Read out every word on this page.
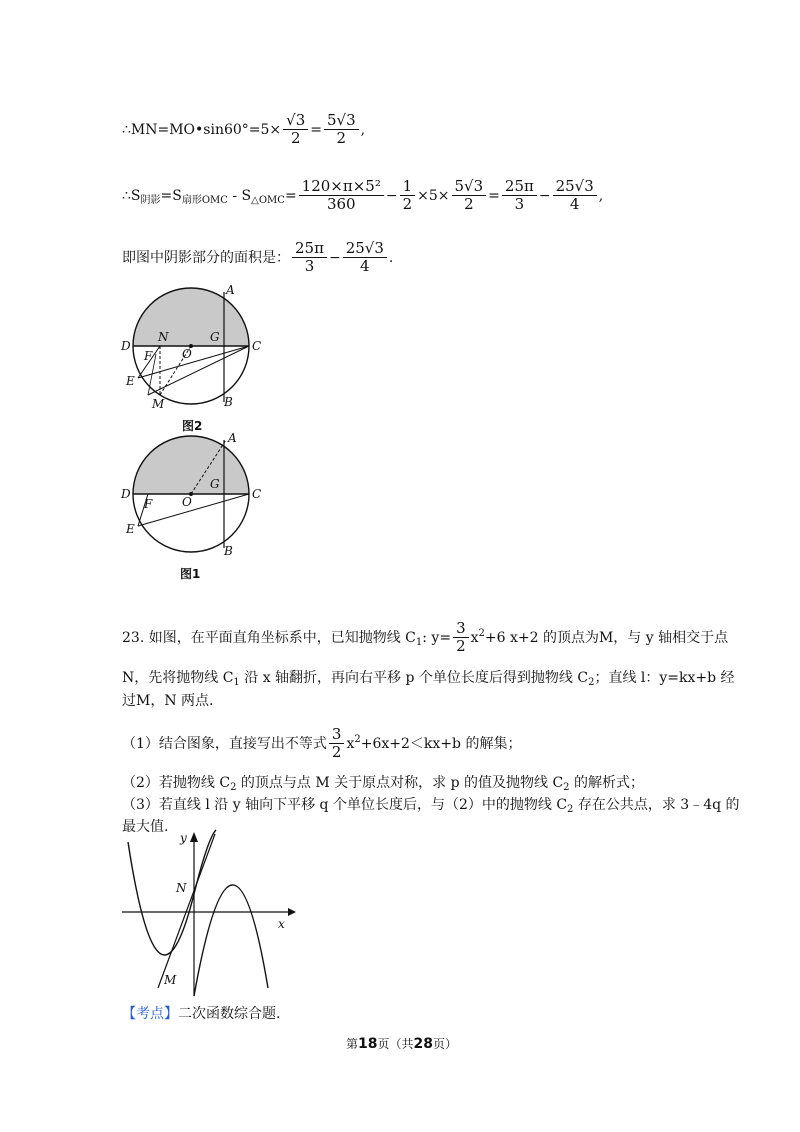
∴MN=MO•sin60°=5× $\frac{√3}{2} = \frac{5√3}{2}$ ,
$\therefore S_{阴影}=S_{扇形OMC} - S_{\triangle OMC}= \frac{\text{120×π×5²}}{360} - \frac{1}{2} \times 5\times \frac{5√3}{2} = \frac{25\pi}{3} - \frac{25√3}{4}$ ,
即图中阴影部分的面积是： $\frac{25\pi}{3} - \frac{25√3}{4}$ .
A
D
N	G
C
F O
E
M	B
图2
A
G
D	C
F O
E
B
图1
23. 如图，在平面直角坐标系中，已知抛物线 $C_1$: $y= \frac{3}{2} x^2+6$ x+2 的顶点为M，与 y 轴相交于点
N，先将抛物线 $C_1$ 沿 x 轴翻折，再向右平移 p 个单位长度后得到抛物线 $C_2$；直线 l：y=kx+b 经
过M，N 两点.
（1）结合图象，直接写出不等式 $\frac{3}{2} x^2+6x+2<kx+b$ 的解集；
（2）若抛物线 $C_2$ 的顶点与点 M 关于原点对称，求 p 的值及抛物线 $C_2$ 的解析式；
（3）若直线 l 沿 y 轴向下平移 q 个单位长度后，与（2）中的抛物线 $C_2$ 存在公共点，求 3﹣4q 的
最大值.
y
N
x
M
【考点】二次函数综合题.
第18页（共28页）
